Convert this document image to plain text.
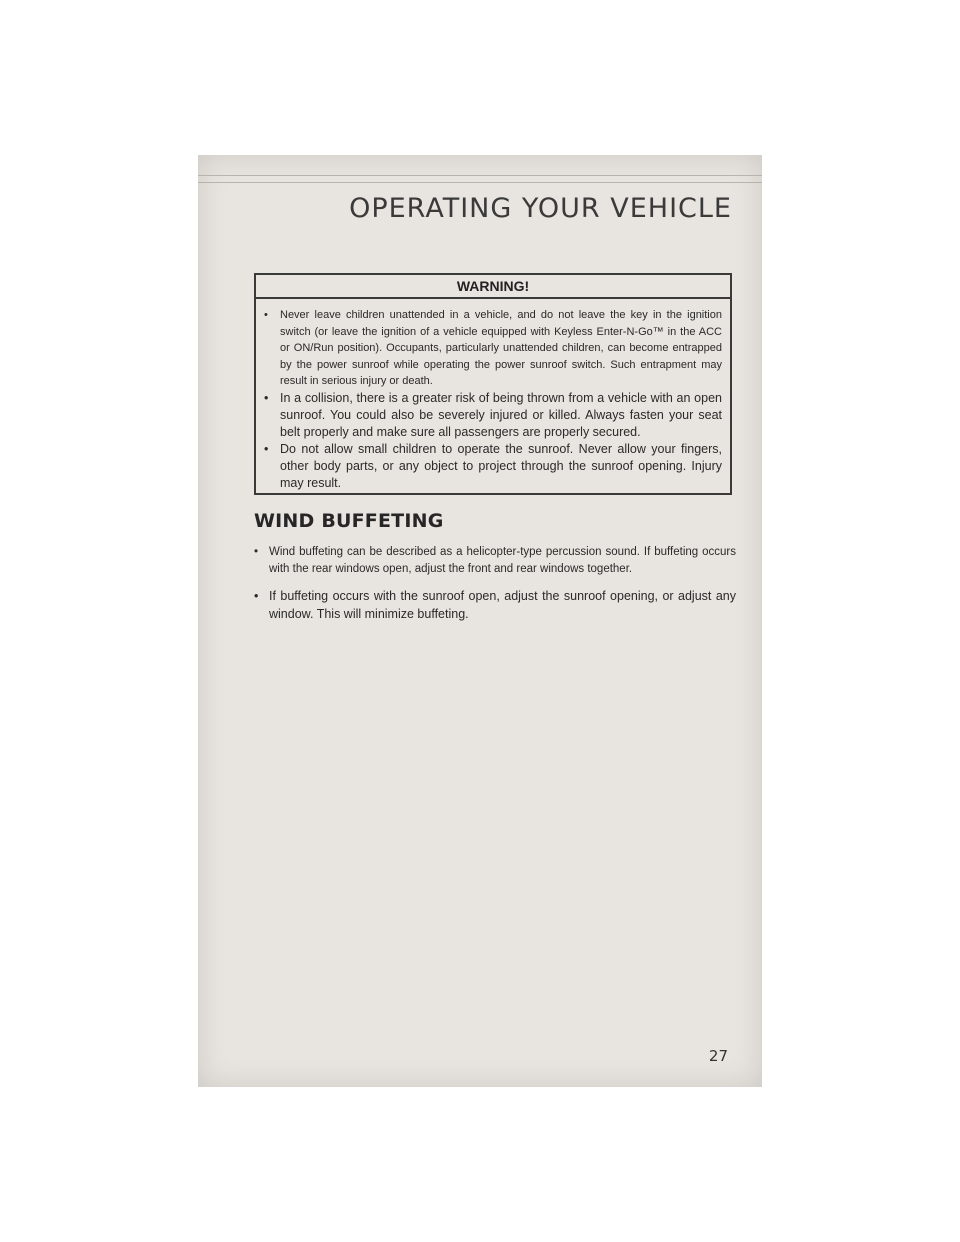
OPERATING YOUR VEHICLE
WARNING!
• Never leave children unattended in a vehicle, and do not leave the key in the ignition switch (or leave the ignition of a vehicle equipped with Keyless Enter-N-Go™ in the ACC or ON/Run position). Occupants, particularly unattended children, can become entrapped by the power sunroof while operating the power sunroof switch. Such entrapment may result in serious injury or death.
• In a collision, there is a greater risk of being thrown from a vehicle with an open sunroof. You could also be severely injured or killed. Always fasten your seat belt properly and make sure all passengers are properly secured.
• Do not allow small children to operate the sunroof. Never allow your fingers, other body parts, or any object to project through the sunroof opening. Injury may result.
WIND BUFFETING
• Wind buffeting can be described as a helicopter-type percussion sound. If buffeting occurs with the rear windows open, adjust the front and rear windows together.
• If buffeting occurs with the sunroof open, adjust the sunroof opening, or adjust any window. This will minimize buffeting.
27
